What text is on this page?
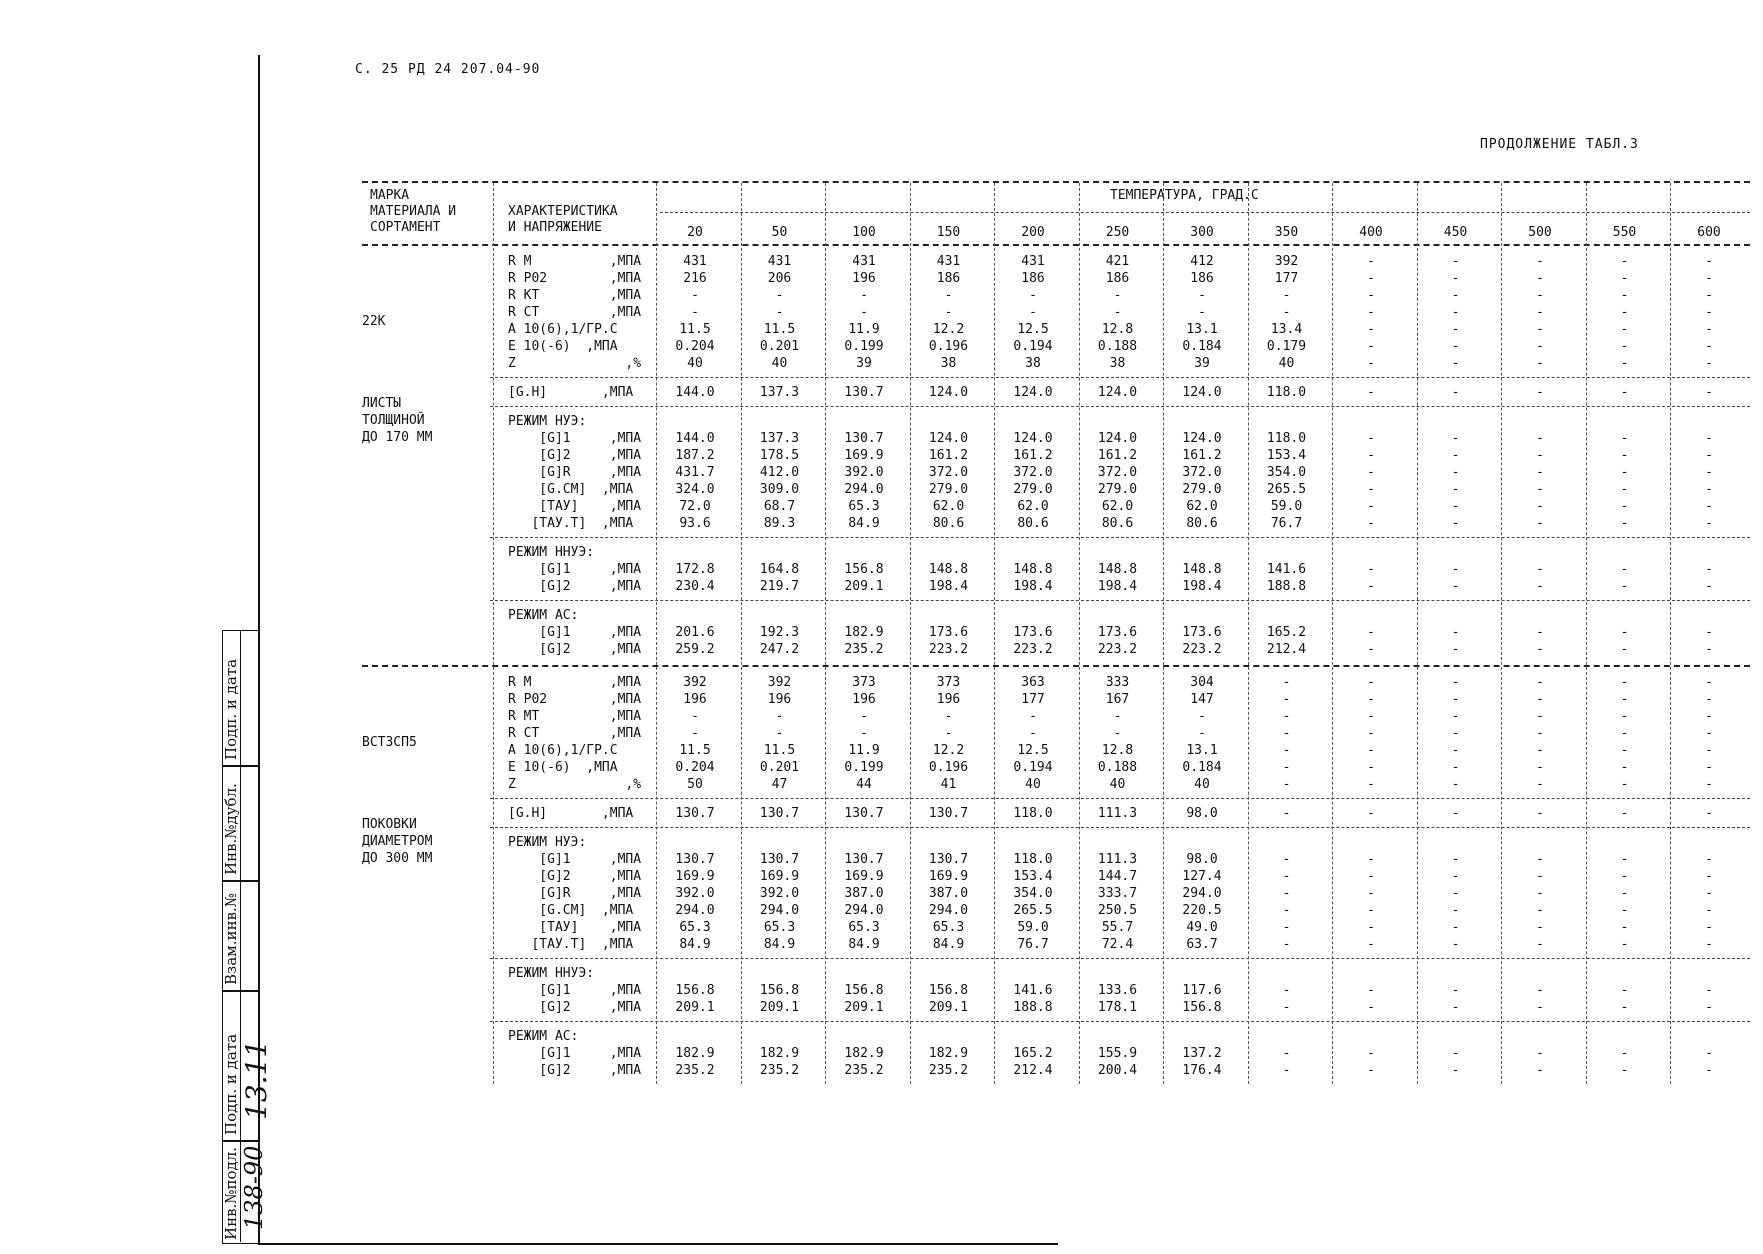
С. 25 РД 24 207.04-90
ПРОДОЛЖЕНИЕ ТАБЛ.3
Инв.№подл.
Подп. и дата
Взам.инв.№
Инв.№дубл.
Подп. и дата
138-90
13.11
МАРКА
МАТЕРИАЛА И
СОРТАМЕНТ
ХАРАКТЕРИСТИКА
И НАПРЯЖЕНИЕ
ТЕМПЕРАТУРА, ГРАД.С
20	50	100	150	200	250	300	350	400	450	500	550	600
R M          ,МПА	431	431	431	431	431	421	412	392	-	-	-	-	-
R P02        ,МПА	216	206	196	186	186	186	186	177	-	-	-	-	-
R KT         ,МПА	-	-	-	-	-	-	-	-	-	-	-	-	-
R CT         ,МПА	-	-	-	-	-	-	-	-	-	-	-	-	-
A 10(6),1/ГР.С	11.5	11.5	11.9	12.2	12.5	12.8	13.1	13.4	-	-	-	-	-
E 10(-6)  ,МПА	0.204	0.201	0.199	0.196	0.194	0.188	0.184	0.179	-	-	-	-	-
Z              ,%	40	40	39	38	38	38	39	40	-	-	-	-	-
[G.H]       ,МПА	144.0	137.3	130.7	124.0	124.0	124.0	124.0	118.0	-	-	-	-	-
РЕЖИМ НУЭ:
[G]1     ,МПА	144.0	137.3	130.7	124.0	124.0	124.0	124.0	118.0	-	-	-	-	-
[G]2     ,МПА	187.2	178.5	169.9	161.2	161.2	161.2	161.2	153.4	-	-	-	-	-
[G]R     ,МПА	431.7	412.0	392.0	372.0	372.0	372.0	372.0	354.0	-	-	-	-	-
[G.CM]  ,МПА	324.0	309.0	294.0	279.0	279.0	279.0	279.0	265.5	-	-	-	-	-
[ТАУ]    ,МПА	72.0	68.7	65.3	62.0	62.0	62.0	62.0	59.0	-	-	-	-	-
[ТАУ.Т]  ,МПА	93.6	89.3	84.9	80.6	80.6	80.6	80.6	76.7	-	-	-	-	-
РЕЖИМ ННУЭ:
[G]1     ,МПА	172.8	164.8	156.8	148.8	148.8	148.8	148.8	141.6	-	-	-	-	-
[G]2     ,МПА	230.4	219.7	209.1	198.4	198.4	198.4	198.4	188.8	-	-	-	-	-
РЕЖИМ АС:
[G]1     ,МПА	201.6	192.3	182.9	173.6	173.6	173.6	173.6	165.2	-	-	-	-	-
[G]2     ,МПА	259.2	247.2	235.2	223.2	223.2	223.2	223.2	212.4	-	-	-	-	-
22К
ЛИСТЫ
ТОЛЩИНОЙ
ДО 170 ММ
R M          ,МПА	392	392	373	373	363	333	304	-	-	-	-	-	-
R P02        ,МПА	196	196	196	196	177	167	147	-	-	-	-	-	-
R MT         ,МПА	-	-	-	-	-	-	-	-	-	-	-	-	-
R CT         ,МПА	-	-	-	-	-	-	-	-	-	-	-	-	-
A 10(6),1/ГР.С	11.5	11.5	11.9	12.2	12.5	12.8	13.1	-	-	-	-	-	-
E 10(-6)  ,МПА	0.204	0.201	0.199	0.196	0.194	0.188	0.184	-	-	-	-	-	-
Z              ,%	50	47	44	41	40	40	40	-	-	-	-	-	-
[G.H]       ,МПА	130.7	130.7	130.7	130.7	118.0	111.3	98.0	-	-	-	-	-	-
РЕЖИМ НУЭ:
[G]1     ,МПА	130.7	130.7	130.7	130.7	118.0	111.3	98.0	-	-	-	-	-	-
[G]2     ,МПА	169.9	169.9	169.9	169.9	153.4	144.7	127.4	-	-	-	-	-	-
[G]R     ,МПА	392.0	392.0	387.0	387.0	354.0	333.7	294.0	-	-	-	-	-	-
[G.CM]  ,МПА	294.0	294.0	294.0	294.0	265.5	250.5	220.5	-	-	-	-	-	-
[ТАУ]    ,МПА	65.3	65.3	65.3	65.3	59.0	55.7	49.0	-	-	-	-	-	-
[ТАУ.Т]  ,МПА	84.9	84.9	84.9	84.9	76.7	72.4	63.7	-	-	-	-	-	-
РЕЖИМ ННУЭ:
[G]1     ,МПА	156.8	156.8	156.8	156.8	141.6	133.6	117.6	-	-	-	-	-	-
[G]2     ,МПА	209.1	209.1	209.1	209.1	188.8	178.1	156.8	-	-	-	-	-	-
РЕЖИМ АС:
[G]1     ,МПА	182.9	182.9	182.9	182.9	165.2	155.9	137.2	-	-	-	-	-	-
[G]2     ,МПА	235.2	235.2	235.2	235.2	212.4	200.4	176.4	-	-	-	-	-	-
ВСТ3СП5
ПОКОВКИ
ДИАМЕТРОМ
ДО 300 ММ
